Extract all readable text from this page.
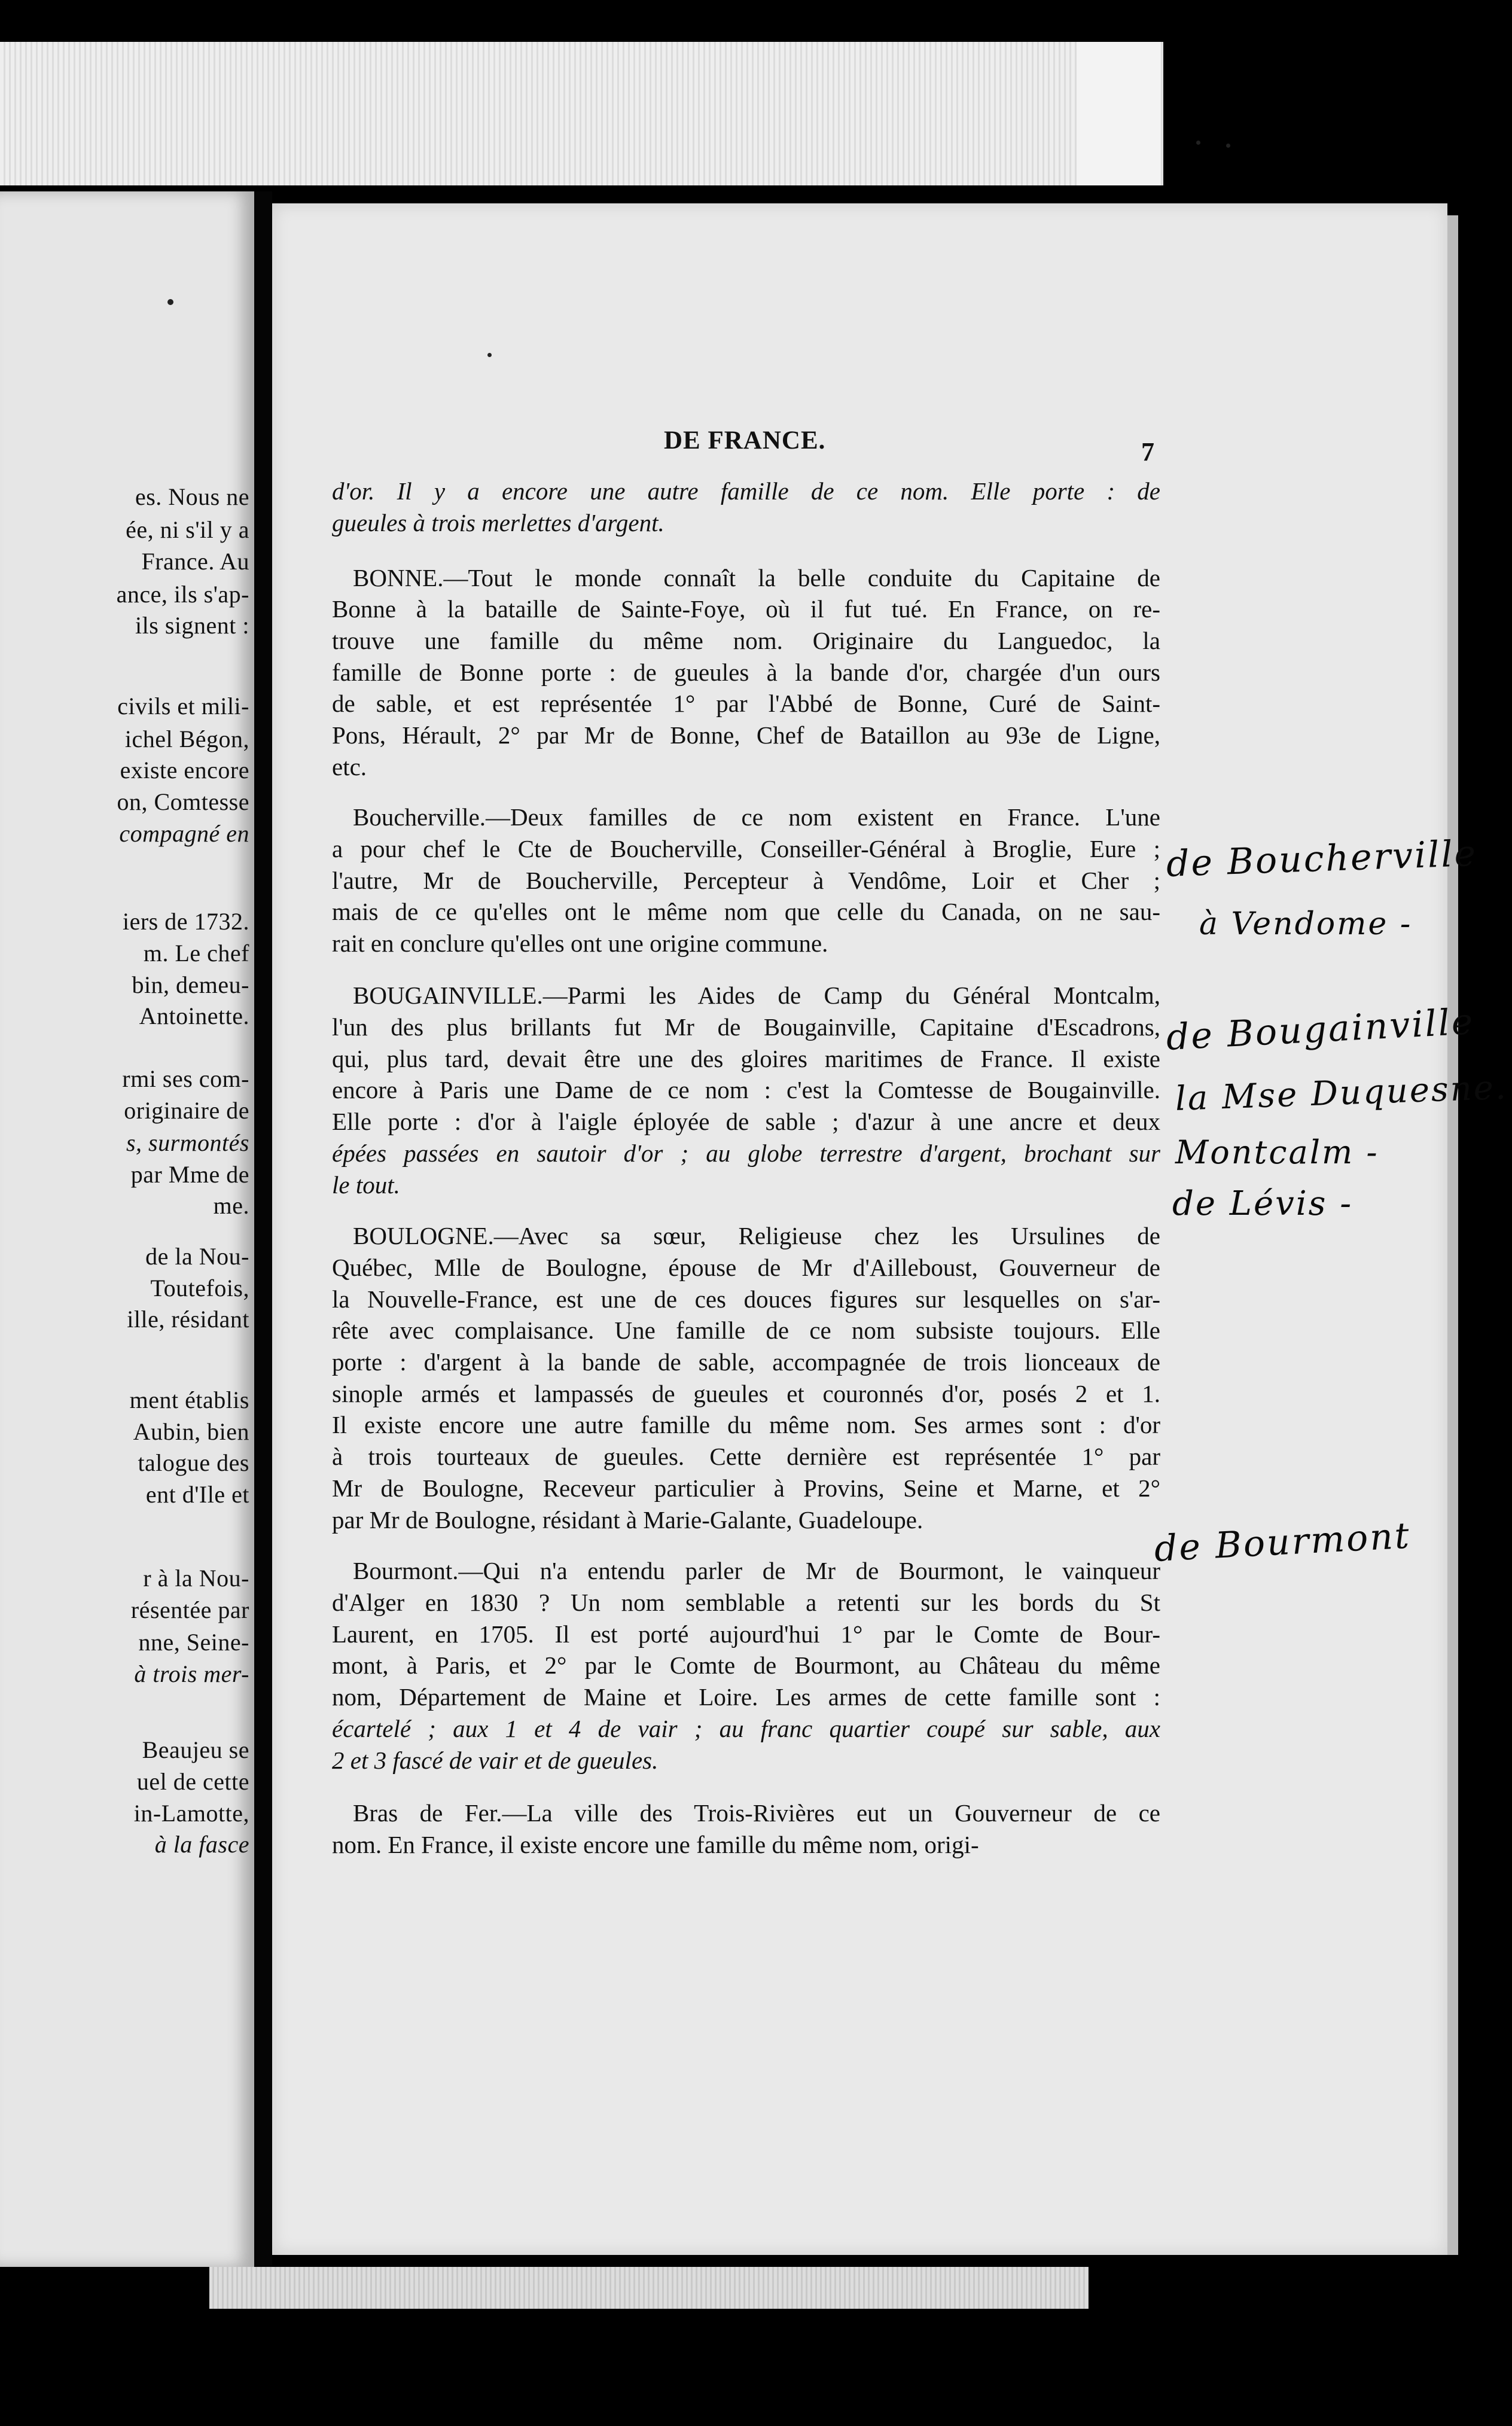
es. Nous ne
ée, ni s'il y a
France. Au
ance, ils s'ap-
ils signent :
civils et mili-
ichel Bégon,
existe encore
on, Comtesse
compagné en
iers de 1732.
m. Le chef
bin, demeu-
Antoinette.
rmi ses com-
originaire de
s, surmontés
par Mme de
me.
de la Nou-
Toutefois,
ille, résidant
ment établis
Aubin, bien
talogue des
ent d'Ile et
r à la Nou-
résentée par
nne, Seine-
à trois mer-
Beaujeu se
uel de cette
in-Lamotte,
à la fasce
DE FRANCE.	7
d'or. Il y a encore une autre famille de ce nom. Elle porte : de
gueules à trois merlettes d'argent.
BONNE.—Tout le monde connaît la belle conduite du Capitaine de
Bonne à la bataille de Sainte-Foye, où il fut tué. En France, on re-
trouve une famille du même nom. Originaire du Languedoc, la
famille de Bonne porte : de gueules à la bande d'or, chargée d'un ours
de sable, et est représentée 1° par l'Abbé de Bonne, Curé de Saint-
Pons, Hérault, 2° par Mr de Bonne, Chef de Bataillon au 93e de Ligne,
etc.
Boucherville.—Deux familles de ce nom existent en France. L'une
a pour chef le Cte de Boucherville, Conseiller-Général à Broglie, Eure ;
l'autre, Mr de Boucherville, Percepteur à Vendôme, Loir et Cher ;
mais de ce qu'elles ont le même nom que celle du Canada, on ne sau-
rait en conclure qu'elles ont une origine commune.
BOUGAINVILLE.—Parmi les Aides de Camp du Général Montcalm,
l'un des plus brillants fut Mr de Bougainville, Capitaine d'Escadrons,
qui, plus tard, devait être une des gloires maritimes de France. Il existe
encore à Paris une Dame de ce nom : c'est la Comtesse de Bougainville.
Elle porte : d'or à l'aigle éployée de sable ; d'azur à une ancre et deux
épées passées en sautoir d'or ; au globe terrestre d'argent, brochant sur
le tout.
BOULOGNE.—Avec sa sœur, Religieuse chez les Ursulines de
Québec, Mlle de Boulogne, épouse de Mr d'Ailleboust, Gouverneur de
la Nouvelle-France, est une de ces douces figures sur lesquelles on s'ar-
rête avec complaisance. Une famille de ce nom subsiste toujours. Elle
porte : d'argent à la bande de sable, accompagnée de trois lionceaux de
sinople armés et lampassés de gueules et couronnés d'or, posés 2 et 1.
Il existe encore une autre famille du même nom. Ses armes sont : d'or
à trois tourteaux de gueules. Cette dernière est représentée 1° par
Mr de Boulogne, Receveur particulier à Provins, Seine et Marne, et 2°
par Mr de Boulogne, résidant à Marie-Galante, Guadeloupe.
Bourmont.—Qui n'a entendu parler de Mr de Bourmont, le vainqueur
d'Alger en 1830 ? Un nom semblable a retenti sur les bords du St
Laurent, en 1705. Il est porté aujourd'hui 1° par le Comte de Bour-
mont, à Paris, et 2° par le Comte de Bourmont, au Château du même
nom, Département de Maine et Loire. Les armes de cette famille sont :
écartelé ; aux 1 et 4 de vair ; au franc quartier coupé sur sable, aux
2 et 3 fascé de vair et de gueules.
Bras de Fer.—La ville des Trois-Rivières eut un Gouverneur de ce
nom. En France, il existe encore une famille du même nom, origi-
de Boucherville
à Vendome -
de Bougainville
la Mse Duquesne.
Montcalm -
de Lévis -
de Bourmont
